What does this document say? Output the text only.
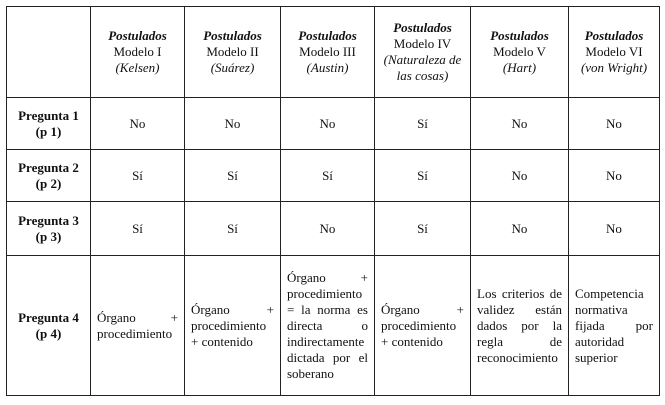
	Postulados
Modelo I
(Kelsen)	Postulados
Modelo II
(Suárez)	Postulados
Modelo III
(Austin)	Postulados
Modelo IV
(Naturaleza de las cosas)	Postulados
Modelo V
(Hart)	Postulados
Modelo VI
(von Wright)

Pregunta 1
(p 1)	No	No	No	Sí	No	No

Pregunta 2
(p 2)	Sí	Sí	Sí	Sí	No	No

Pregunta 3
(p 3)	Sí	Sí	No	Sí	No	No

Pregunta 4
(p 4)	Órgano + procedimiento	Órgano + procedimiento + contenido	Órgano + procedimiento = la norma es directa o indirectamente dictada por el soberano	Órgano + procedimiento + contenido	Los criterios de validez están dados por la regla de reconocimiento	Competencia normativa fijada por autoridad superior
